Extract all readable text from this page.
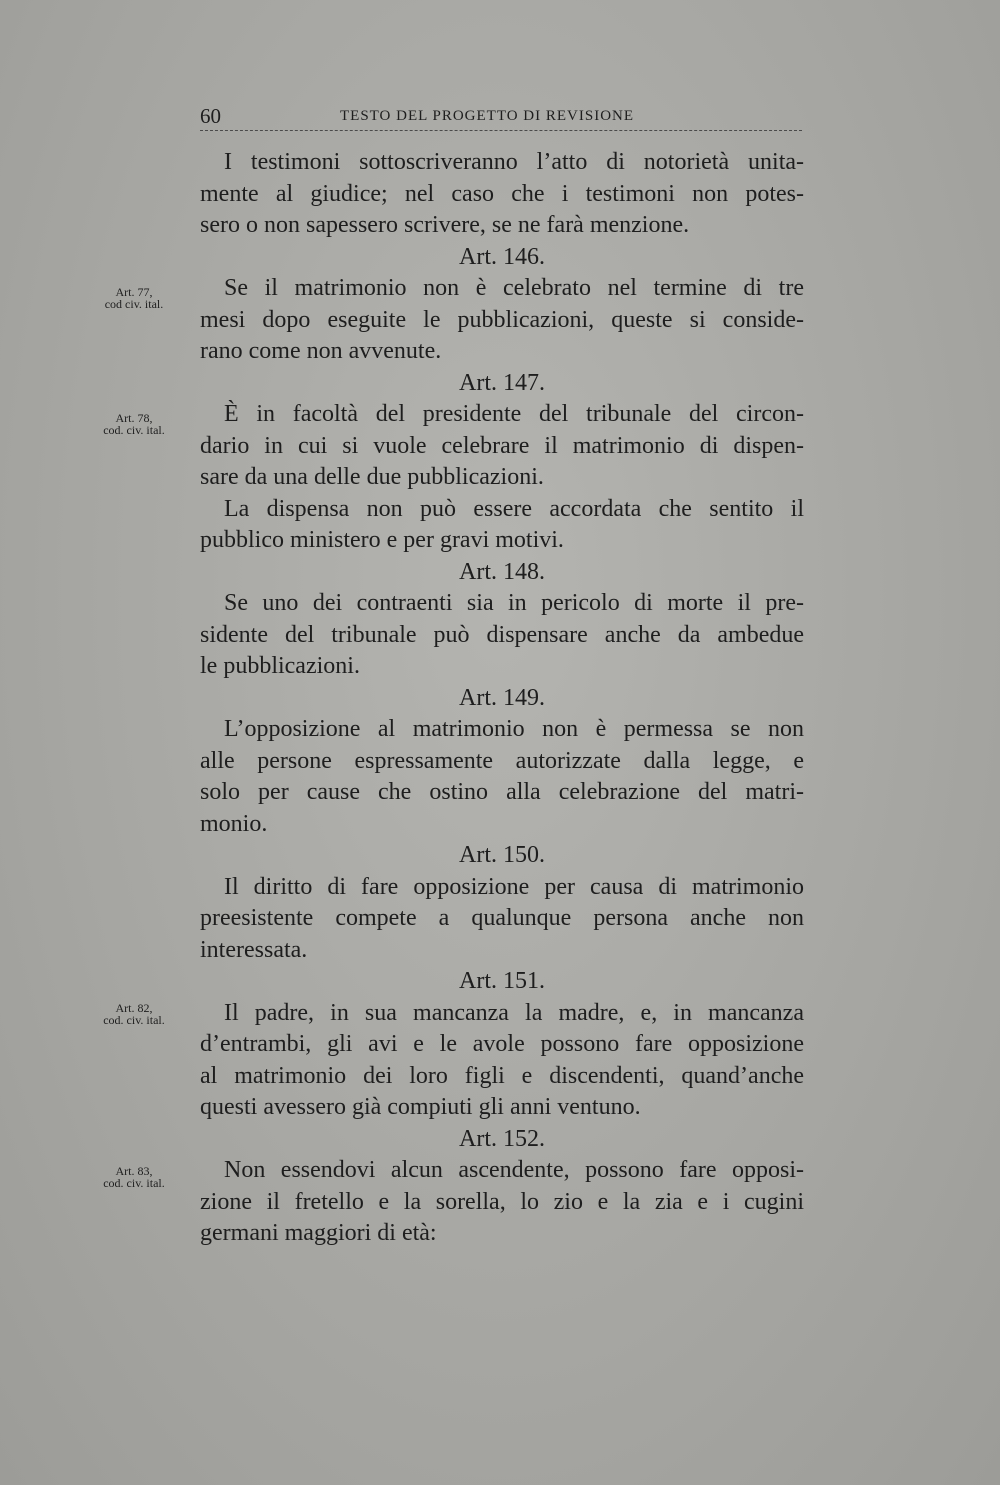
60	TESTO DEL PROGETTO DI REVISIONE
Art. 77,
cod civ. ital.
Art. 78,
cod. civ. ital.
Art. 82,
cod. civ. ital.
Art. 83,
cod. civ. ital.
I testimoni sottoscriveranno l’atto di notorietà unita-
mente al giudice; nel caso che i testimoni non potes-
sero o non sapessero scrivere, se ne farà menzione.
Art. 146.
Se il matrimonio non è celebrato nel termine di tre
mesi dopo eseguite le pubblicazioni, queste si conside-
rano come non avvenute.
Art. 147.
È in facoltà del presidente del tribunale del circon-
dario in cui si vuole celebrare il matrimonio di dispen-
sare da una delle due pubblicazioni.
La dispensa non può essere accordata che sentito il
pubblico ministero e per gravi motivi.
Art. 148.
Se uno dei contraenti sia in pericolo di morte il pre-
sidente del tribunale può dispensare anche da ambedue
le pubblicazioni.
Art. 149.
L’opposizione al matrimonio non è permessa se non
alle persone espressamente autorizzate dalla legge, e
solo per cause che ostino alla celebrazione del matri-
monio.
Art. 150.
Il diritto di fare opposizione per causa di matrimonio
preesistente compete a qualunque persona anche non
interessata.
Art. 151.
Il padre, in sua mancanza la madre, e, in mancanza
d’entrambi, gli avi e le avole possono fare opposizione
al matrimonio dei loro figli e discendenti, quand’anche
questi avessero già compiuti gli anni ventuno.
Art. 152.
Non essendovi alcun ascendente, possono fare opposi-
zione il fretello e la sorella, lo zio e la zia e i cugini
germani maggiori di età:
